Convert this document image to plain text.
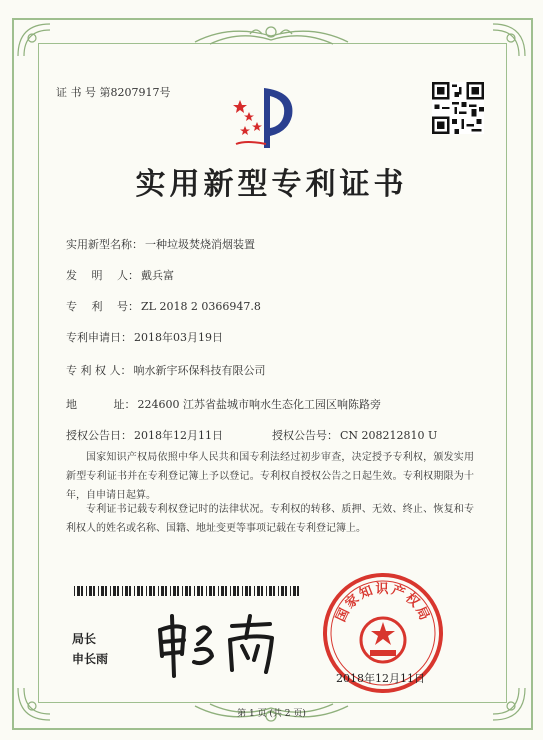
证 书 号 第8207917号
实用新型专利证书
实用新型名称： 一种垃圾焚烧消烟装置
发　 明 　人： 戴兵富
专　 利 　号： ZL 2018 2 0366947.8
专利申请日： 2018年03月19日
专 利 权 人： 响水新宇环保科技有限公司
地　　　 址： 224600 江苏省盐城市响水生态化工园区响陈路旁
授权公告日： 2018年12月11日	授权公告号： CN 208212810 U
国家知识产权局依照中华人民共和国专利法经过初步审查，决定授予专利权，颁发实用新型专利证书并在专利登记簿上予以登记。专利权自授权公告之日起生效。专利权期限为十年，自申请日起算。
专利证书记载专利权登记时的法律状况。专利权的转移、质押、无效、终止、恢复和专利权人的姓名或名称、国籍、地址变更等事项记载在专利登记簿上。
局长
申长雨
国家知识产权局
2018年12月11日
第 1 页 (共 2 页)
